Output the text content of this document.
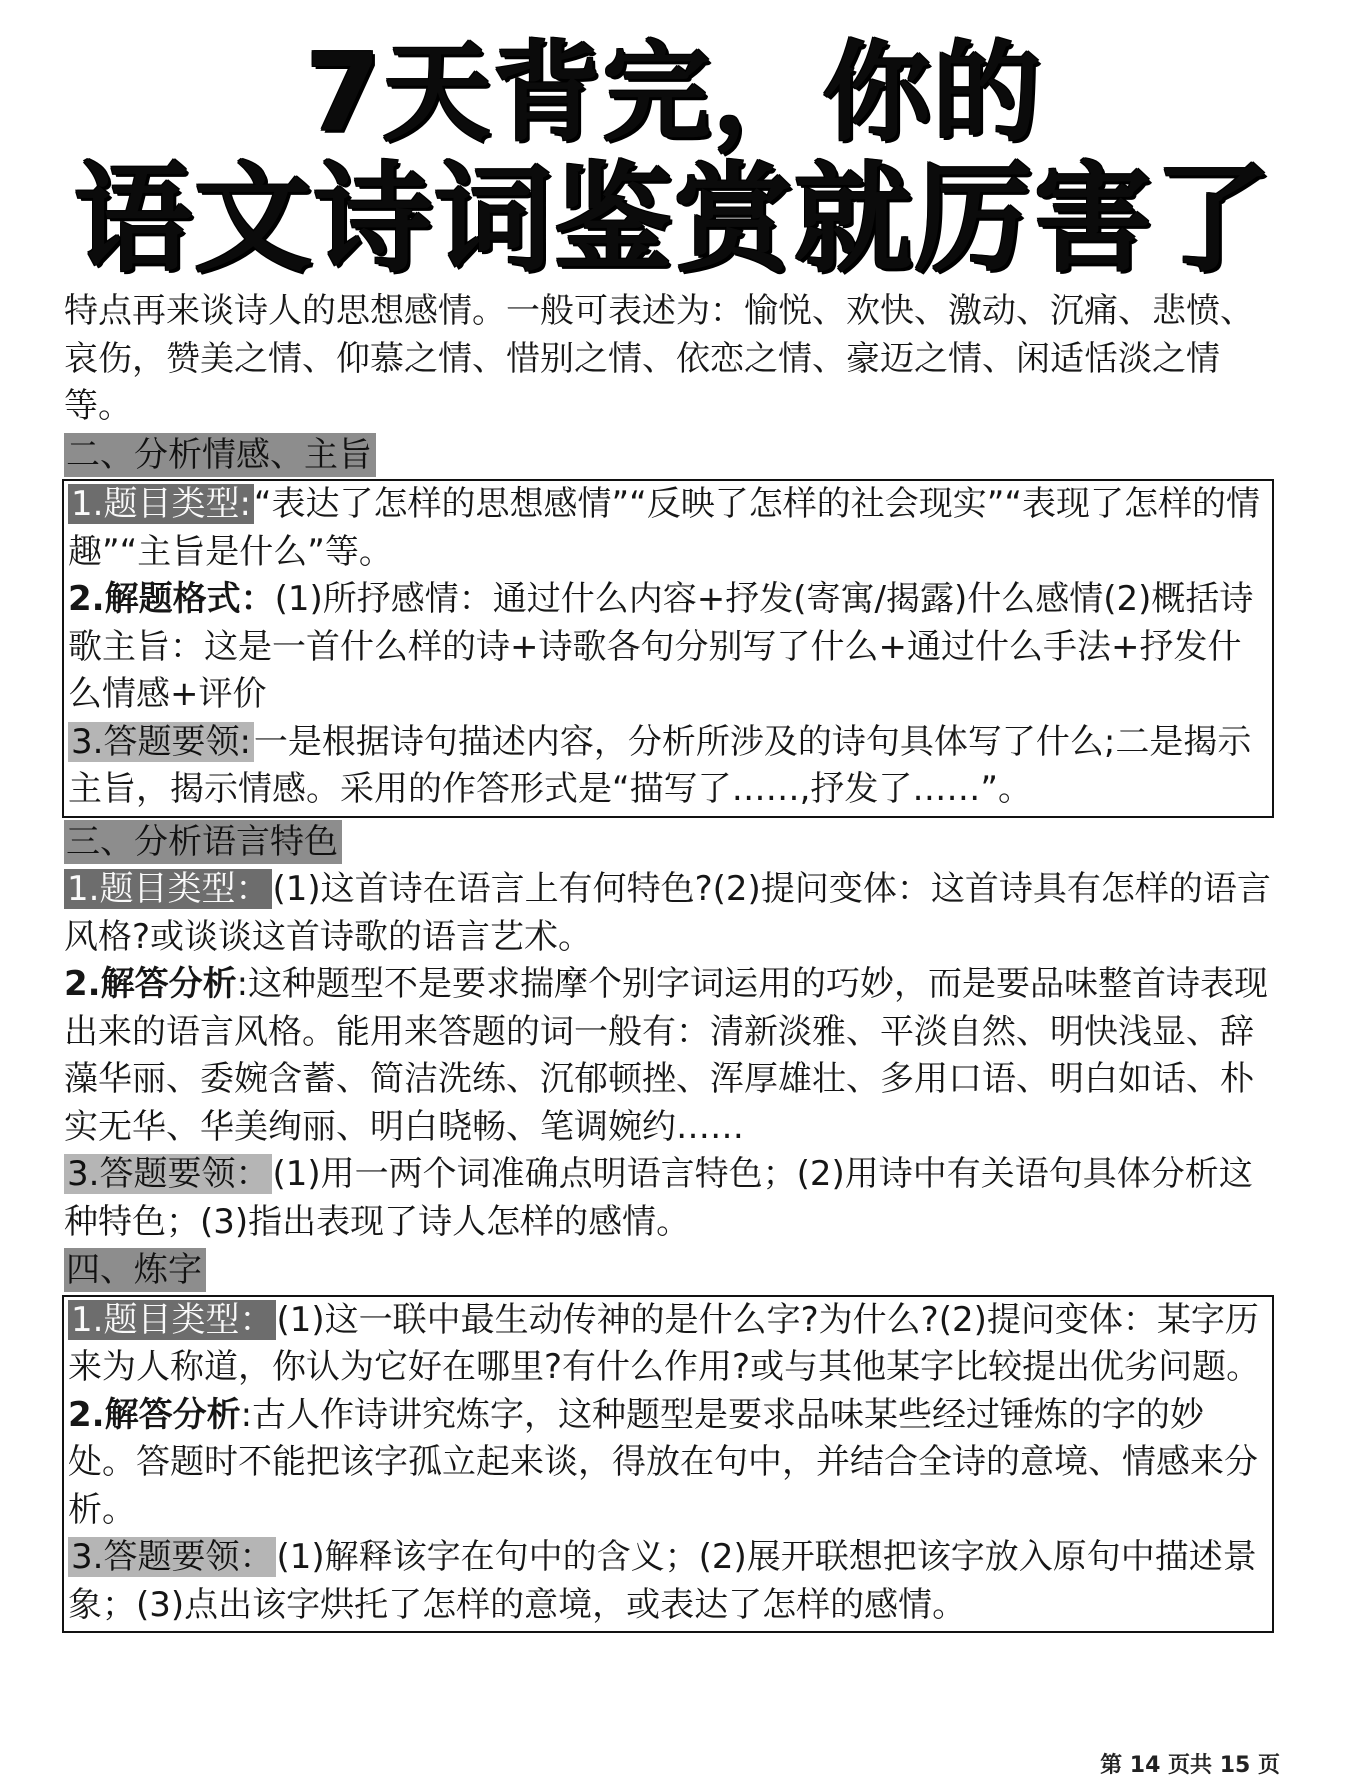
7天背完，你的
语文诗词鉴赏就厉害了

特点再来谈诗人的思想感情。一般可表述为：愉悦、欢快、激动、沉痛、悲愤、哀伤，赞美之情、仰慕之情、惜别之情、依恋之情、豪迈之情、闲适恬淡之情等。

二、分析情感、主旨

1.题目类型:“表达了怎样的思想感情”“反映了怎样的社会现实”“表现了怎样的情趣”“主旨是什么”等。

2.解题格式：(1)所抒感情：通过什么内容+抒发(寄寓/揭露)什么感情(2)概括诗歌主旨：这是一首什么样的诗+诗歌各句分别写了什么+通过什么手法+抒发什么情感+评价

3.答题要领:一是根据诗句描述内容，分析所涉及的诗句具体写了什么;二是揭示主旨，揭示情感。采用的作答形式是“描写了……,抒发了……”。

三、分析语言特色

1.题目类型：(1)这首诗在语言上有何特色?(2)提问变体：这首诗具有怎样的语言风格?或谈谈这首诗歌的语言艺术。

2.解答分析:这种题型不是要求揣摩个别字词运用的巧妙，而是要品味整首诗表现出来的语言风格。能用来答题的词一般有：清新淡雅、平淡自然、明快浅显、辞藻华丽、委婉含蓄、简洁洗练、沉郁顿挫、浑厚雄壮、多用口语、明白如话、朴实无华、华美绚丽、明白晓畅、笔调婉约……

3.答题要领：(1)用一两个词准确点明语言特色；(2)用诗中有关语句具体分析这种特色；(3)指出表现了诗人怎样的感情。

四、炼字

1.题目类型：(1)这一联中最生动传神的是什么字?为什么?(2)提问变体：某字历来为人称道，你认为它好在哪里?有什么作用?或与其他某字比较提出优劣问题。

2.解答分析:古人作诗讲究炼字，这种题型是要求品味某些经过锤炼的字的妙处。答题时不能把该字孤立起来谈，得放在句中，并结合全诗的意境、情感来分析。

3.答题要领：(1)解释该字在句中的含义；(2)展开联想把该字放入原句中描述景象；(3)点出该字烘托了怎样的意境，或表达了怎样的感情。

第 14 页共 15 页
